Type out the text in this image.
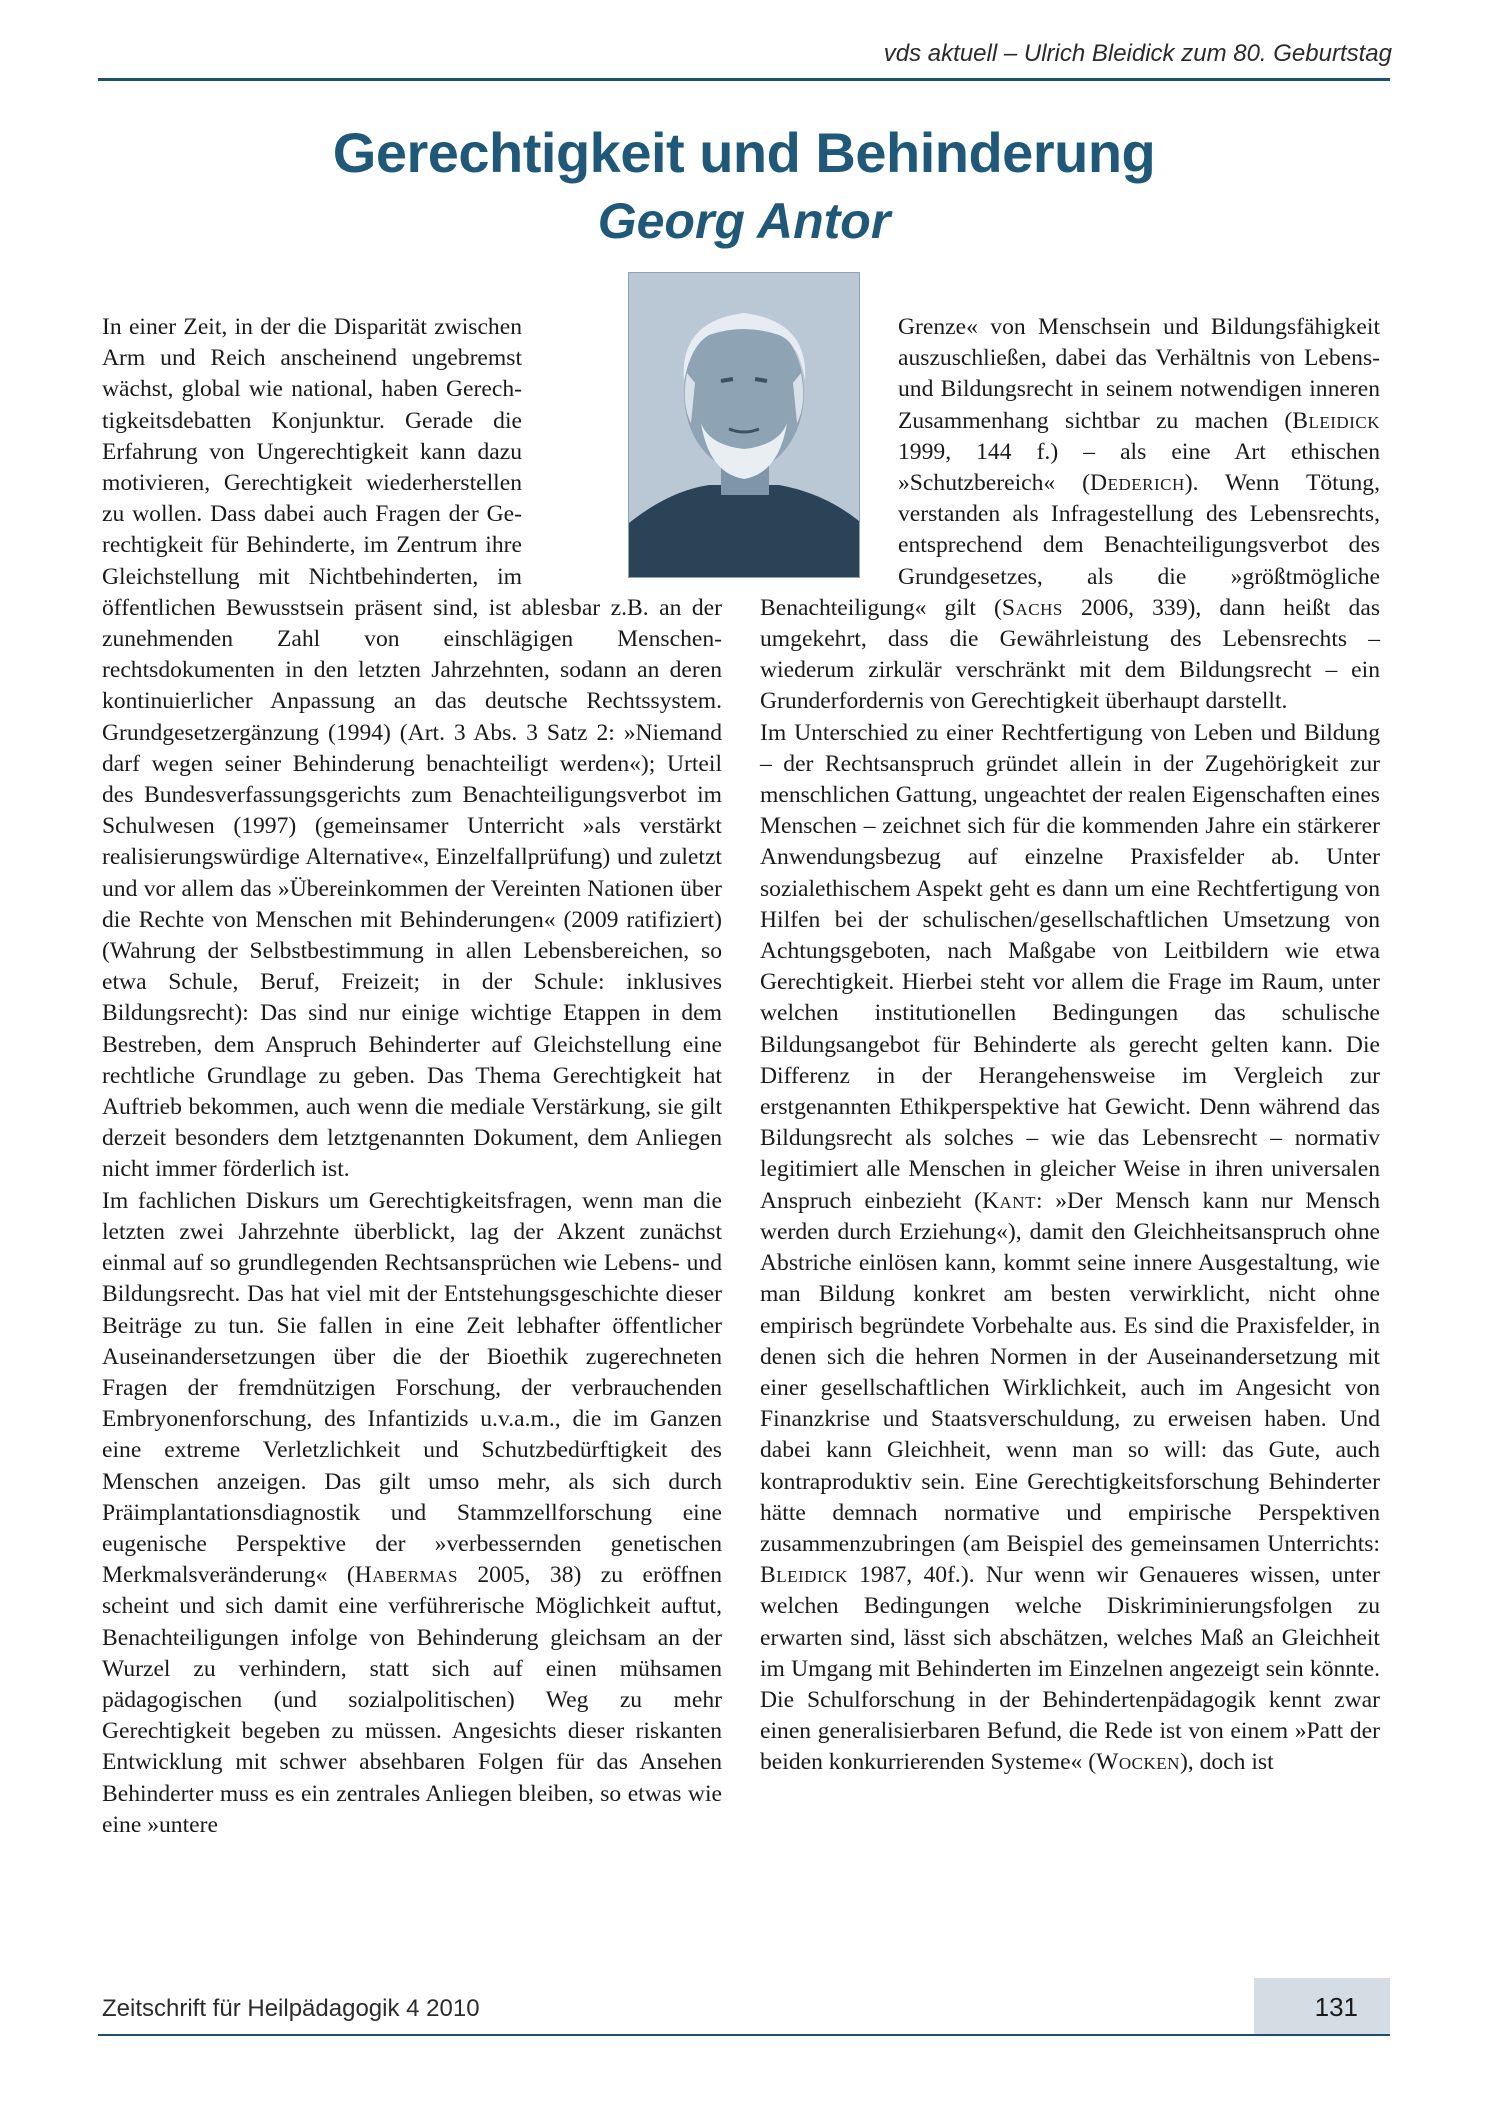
vds aktuell – Ulrich Bleidick zum 80. Geburtstag
Gerechtigkeit und Behinderung
Georg Antor

In einer Zeit, in der die Disparität zwischen Arm und Reich anscheinend ungebremst wächst, global wie national, haben Gerechtigkeitsdebatten Konjunktur. Gerade die Erfahrung von Ungerechtigkeit kann dazu motivieren, Gerechtigkeit wiederherstellen zu wollen. Dass dabei auch Fragen der Gerechtigkeit für Behinderte, im Zentrum ihre Gleichstellung mit Nichtbehinderten, im öffentlichen Bewusstsein präsent sind, ist ablesbar z.B. an der zunehmenden Zahl von einschlägigen Menschenrechtsdokumenten in den letzten Jahrzehnten, sodann an deren kontinuierlicher Anpassung an das deutsche Rechtssystem. Grundgesetzergänzung (1994) (Art. 3 Abs. 3 Satz 2: »Niemand darf wegen seiner Behinderung benachteiligt werden«); Urteil des Bundesverfassungsgerichts zum Benachteiligungsverbot im Schulwesen (1997) (gemeinsamer Unterricht »als verstärkt realisierungswürdige Alternative«, Einzelfallprüfung) und zuletzt und vor allem das »Übereinkommen der Vereinten Nationen über die Rechte von Menschen mit Behinderungen« (2009 ratifiziert) (Wahrung der Selbstbestimmung in allen Lebensbereichen, so etwa Schule, Beruf, Freizeit; in der Schule: inklusives Bildungsrecht): Das sind nur einige wichtige Etappen in dem Bestreben, dem Anspruch Behinderter auf Gleichstellung eine rechtliche Grundlage zu geben. Das Thema Gerechtigkeit hat Auftrieb bekommen, auch wenn die mediale Verstärkung, sie gilt derzeit besonders dem letztgenannten Dokument, dem Anliegen nicht immer förderlich ist.

Im fachlichen Diskurs um Gerechtigkeitsfragen, wenn man die letzten zwei Jahrzehnte überblickt, lag der Akzent zunächst einmal auf so grundlegenden Rechtsansprüchen wie Lebens- und Bildungsrecht. Das hat viel mit der Entstehungsgeschichte dieser Beiträge zu tun. Sie fallen in eine Zeit lebhafter öffentlicher Auseinandersetzungen über die der Bioethik zugerechneten Fragen der fremdnützigen Forschung, der verbrauchenden Embryonenforschung, des Infantizids u.v.a.m., die im Ganzen eine extreme Verletzlichkeit und Schutzbedürftigkeit des Menschen anzeigen. Das gilt umso mehr, als sich durch Präimplantationsdiagnostik und Stammzellforschung eine eugenische Perspektive der »verbessernden genetischen Merkmalsveränderung« (Habermas 2005, 38) zu eröffnen scheint und sich damit eine verführerische Möglichkeit auftut, Benachteiligungen infolge von Behinderung gleichsam an der Wurzel zu verhindern, statt sich auf einen mühsamen pädagogischen (und sozialpolitischen) Weg zu mehr Gerechtigkeit begeben zu müssen. Angesichts dieser riskanten Entwicklung mit schwer absehbaren Folgen für das Ansehen Behinderter muss es ein zentrales Anliegen bleiben, so etwas wie eine »untere

Grenze« von Menschsein und Bildungsfähigkeit auszuschließen, dabei das Verhältnis von Lebens- und Bildungsrecht in seinem notwendigen inneren Zusammenhang sichtbar zu machen (Bleidick 1999, 144 f.) – als eine Art ethischen »Schutzbereich« (Dederich). Wenn Tötung, verstanden als Infragestellung des Lebensrechts, entsprechend dem Benachteiligungsverbot des Grundgesetzes, als die »größtmögliche Benachteiligung« gilt (Sachs 2006, 339), dann heißt das umgekehrt, dass die Gewährleistung des Lebensrechts – wiederum zirkulär verschränkt mit dem Bildungsrecht – ein Grunderfordernis von Gerechtigkeit überhaupt darstellt.

Im Unterschied zu einer Rechtfertigung von Leben und Bildung – der Rechtsanspruch gründet allein in der Zugehörigkeit zur menschlichen Gattung, ungeachtet der realen Eigenschaften eines Menschen – zeichnet sich für die kommenden Jahre ein stärkerer Anwendungsbezug auf einzelne Praxisfelder ab. Unter sozialethischem Aspekt geht es dann um eine Rechtfertigung von Hilfen bei der schulischen/gesellschaftlichen Umsetzung von Achtungsgeboten, nach Maßgabe von Leitbildern wie etwa Gerechtigkeit. Hierbei steht vor allem die Frage im Raum, unter welchen institutionellen Bedingungen das schulische Bildungsangebot für Behinderte als gerecht gelten kann. Die Differenz in der Herangehensweise im Vergleich zur erstgenannten Ethikperspektive hat Gewicht. Denn während das Bildungsrecht als solches – wie das Lebensrecht – normativ legitimiert alle Menschen in gleicher Weise in ihren universalen Anspruch einbezieht (Kant: »Der Mensch kann nur Mensch werden durch Erziehung«), damit den Gleichheitsanspruch ohne Abstriche einlösen kann, kommt seine innere Ausgestaltung, wie man Bildung konkret am besten verwirklicht, nicht ohne empirisch begründete Vorbehalte aus. Es sind die Praxisfelder, in denen sich die hehren Normen in der Auseinandersetzung mit einer gesellschaftlichen Wirklichkeit, auch im Angesicht von Finanzkrise und Staatsverschuldung, zu erweisen haben. Und dabei kann Gleichheit, wenn man so will: das Gute, auch kontraproduktiv sein. Eine Gerechtigkeitsforschung Behinderter hätte demnach normative und empirische Perspektiven zusammenzubringen (am Beispiel des gemeinsamen Unterrichts: Bleidick 1987, 40f.). Nur wenn wir Genaueres wissen, unter welchen Bedingungen welche Diskriminierungsfolgen zu erwarten sind, lässt sich abschätzen, welches Maß an Gleichheit im Umgang mit Behinderten im Einzelnen angezeigt sein könnte. Die Schulforschung in der Behindertenpädagogik kennt zwar einen generalisierbaren Befund, die Rede ist von einem »Patt der beiden konkurrierenden Systeme« (Wocken), doch ist

Zeitschrift für Heilpädagogik 4 2010	131
